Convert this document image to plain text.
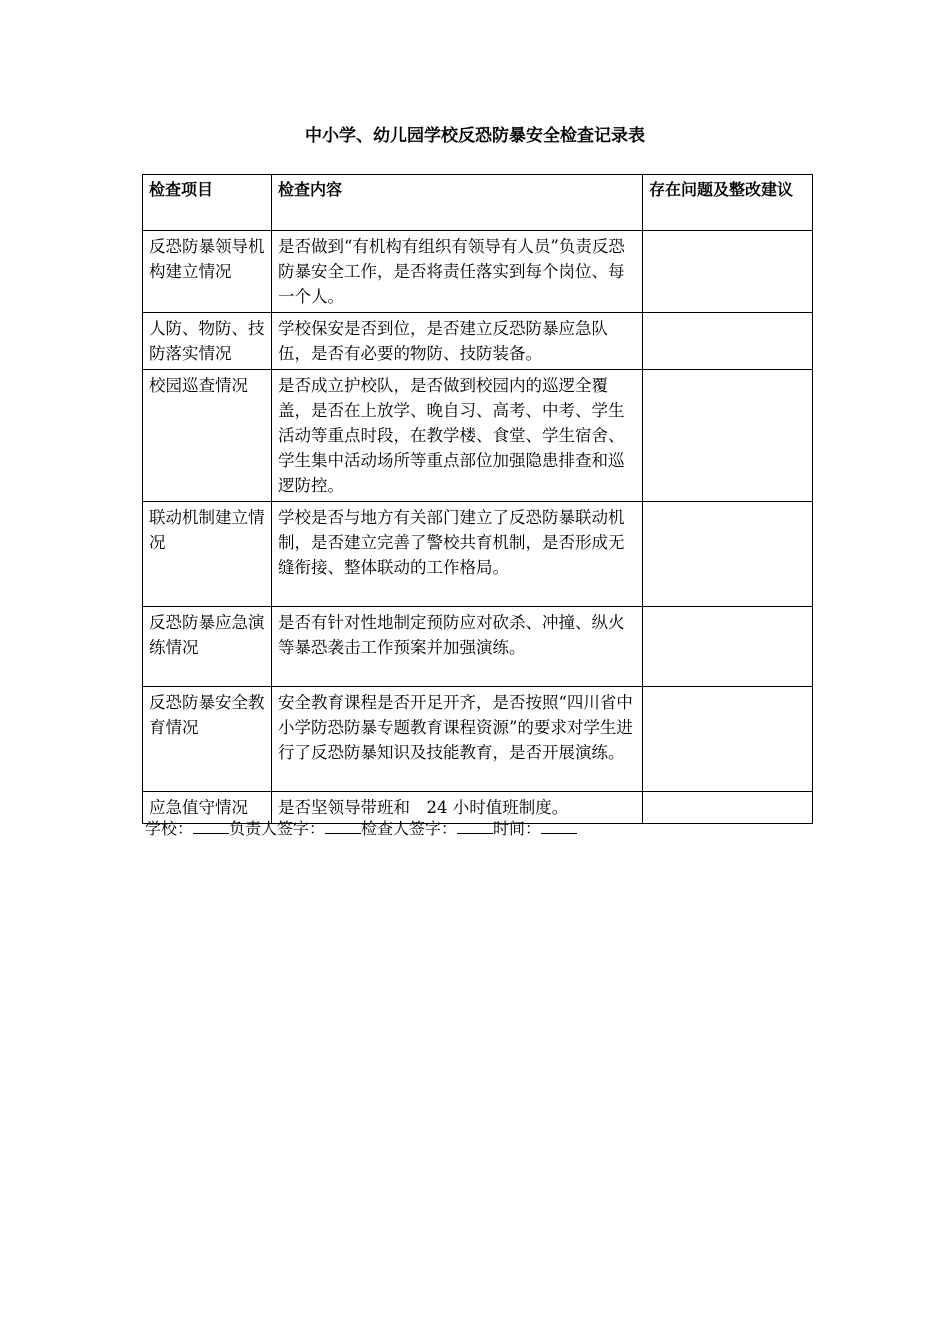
中小学、幼儿园学校反恐防暴安全检查记录表
检查项目	检查内容	存在问题及整改建议
反恐防暴领导机构建立情况	是否做到“有机构有组织有领导有人员”负责反恐防暴安全工作，是否将责任落实到每个岗位、每一个人。	
人防、物防、技防落实情况	学校保安是否到位，是否建立反恐防暴应急队伍，是否有必要的物防、技防装备。	
校园巡查情况	是否成立护校队，是否做到校园内的巡逻全覆盖，是否在上放学、晚自习、高考、中考、学生活动等重点时段，在教学楼、食堂、学生宿舍、学生集中活动场所等重点部位加强隐患排查和巡逻防控。	
联动机制建立情况	学校是否与地方有关部门建立了反恐防暴联动机制，是否建立完善了警校共育机制，是否形成无缝衔接、整体联动的工作格局。	
反恐防暴应急演练情况	是否有针对性地制定预防应对砍杀、冲撞、纵火等暴恐袭击工作预案并加强演练。	
反恐防暴安全教育情况	安全教育课程是否开足开齐，是否按照“四川省中小学防恐防暴专题教育课程资源”的要求对学生进行了反恐防暴知识及技能教育，是否开展演练。	
应急值守情况	是否坚领导带班和　24 小时值班制度。	
学校： 负责人签字： 检查人签字： 时间：
